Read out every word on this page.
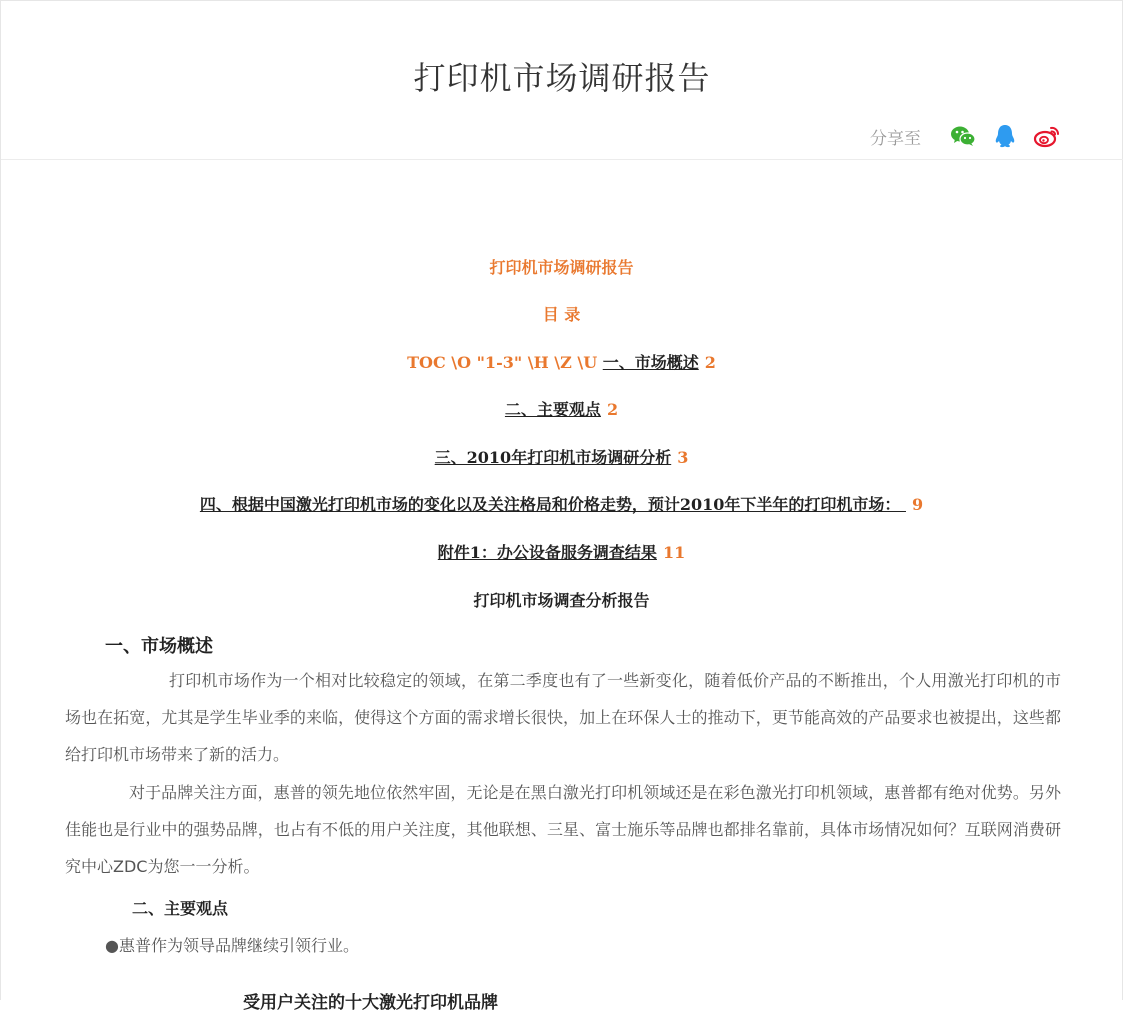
打印机市场调研报告
分享至
打印机市场调研报告
目 录
TOC \O "1-3" \H \Z \U 一、市场概述 2
二、主要观点 2
三、2010年打印机市场调研分析 3
四、根据中国激光打印机市场的变化以及关注格局和价格走势，预计2010年下半年的打印机市场： 9
附件1：办公设备服务调查结果 11
打印机市场调查分析报告
一、市场概述
打印机市场作为一个相对比较稳定的领域，在第二季度也有了一些新变化，随着低价产品的不断推出，个人用激光打印机的市场也在拓宽，尤其是学生毕业季的来临，使得这个方面的需求增长很快，加上在环保人士的推动下，更节能高效的产品要求也被提出，这些都给打印机市场带来了新的活力。
对于品牌关注方面，惠普的领先地位依然牢固，无论是在黑白激光打印机领域还是在彩色激光打印机领域，惠普都有绝对优势。另外佳能也是行业中的强势品牌，也占有不低的用户关注度，其他联想、三星、富士施乐等品牌也都排名靠前，具体市场情况如何？互联网消费研究中心ZDC为您一一分析。
二、主要观点
●惠普作为领导品牌继续引领行业。
受用户关注的十大激光打印机品牌
